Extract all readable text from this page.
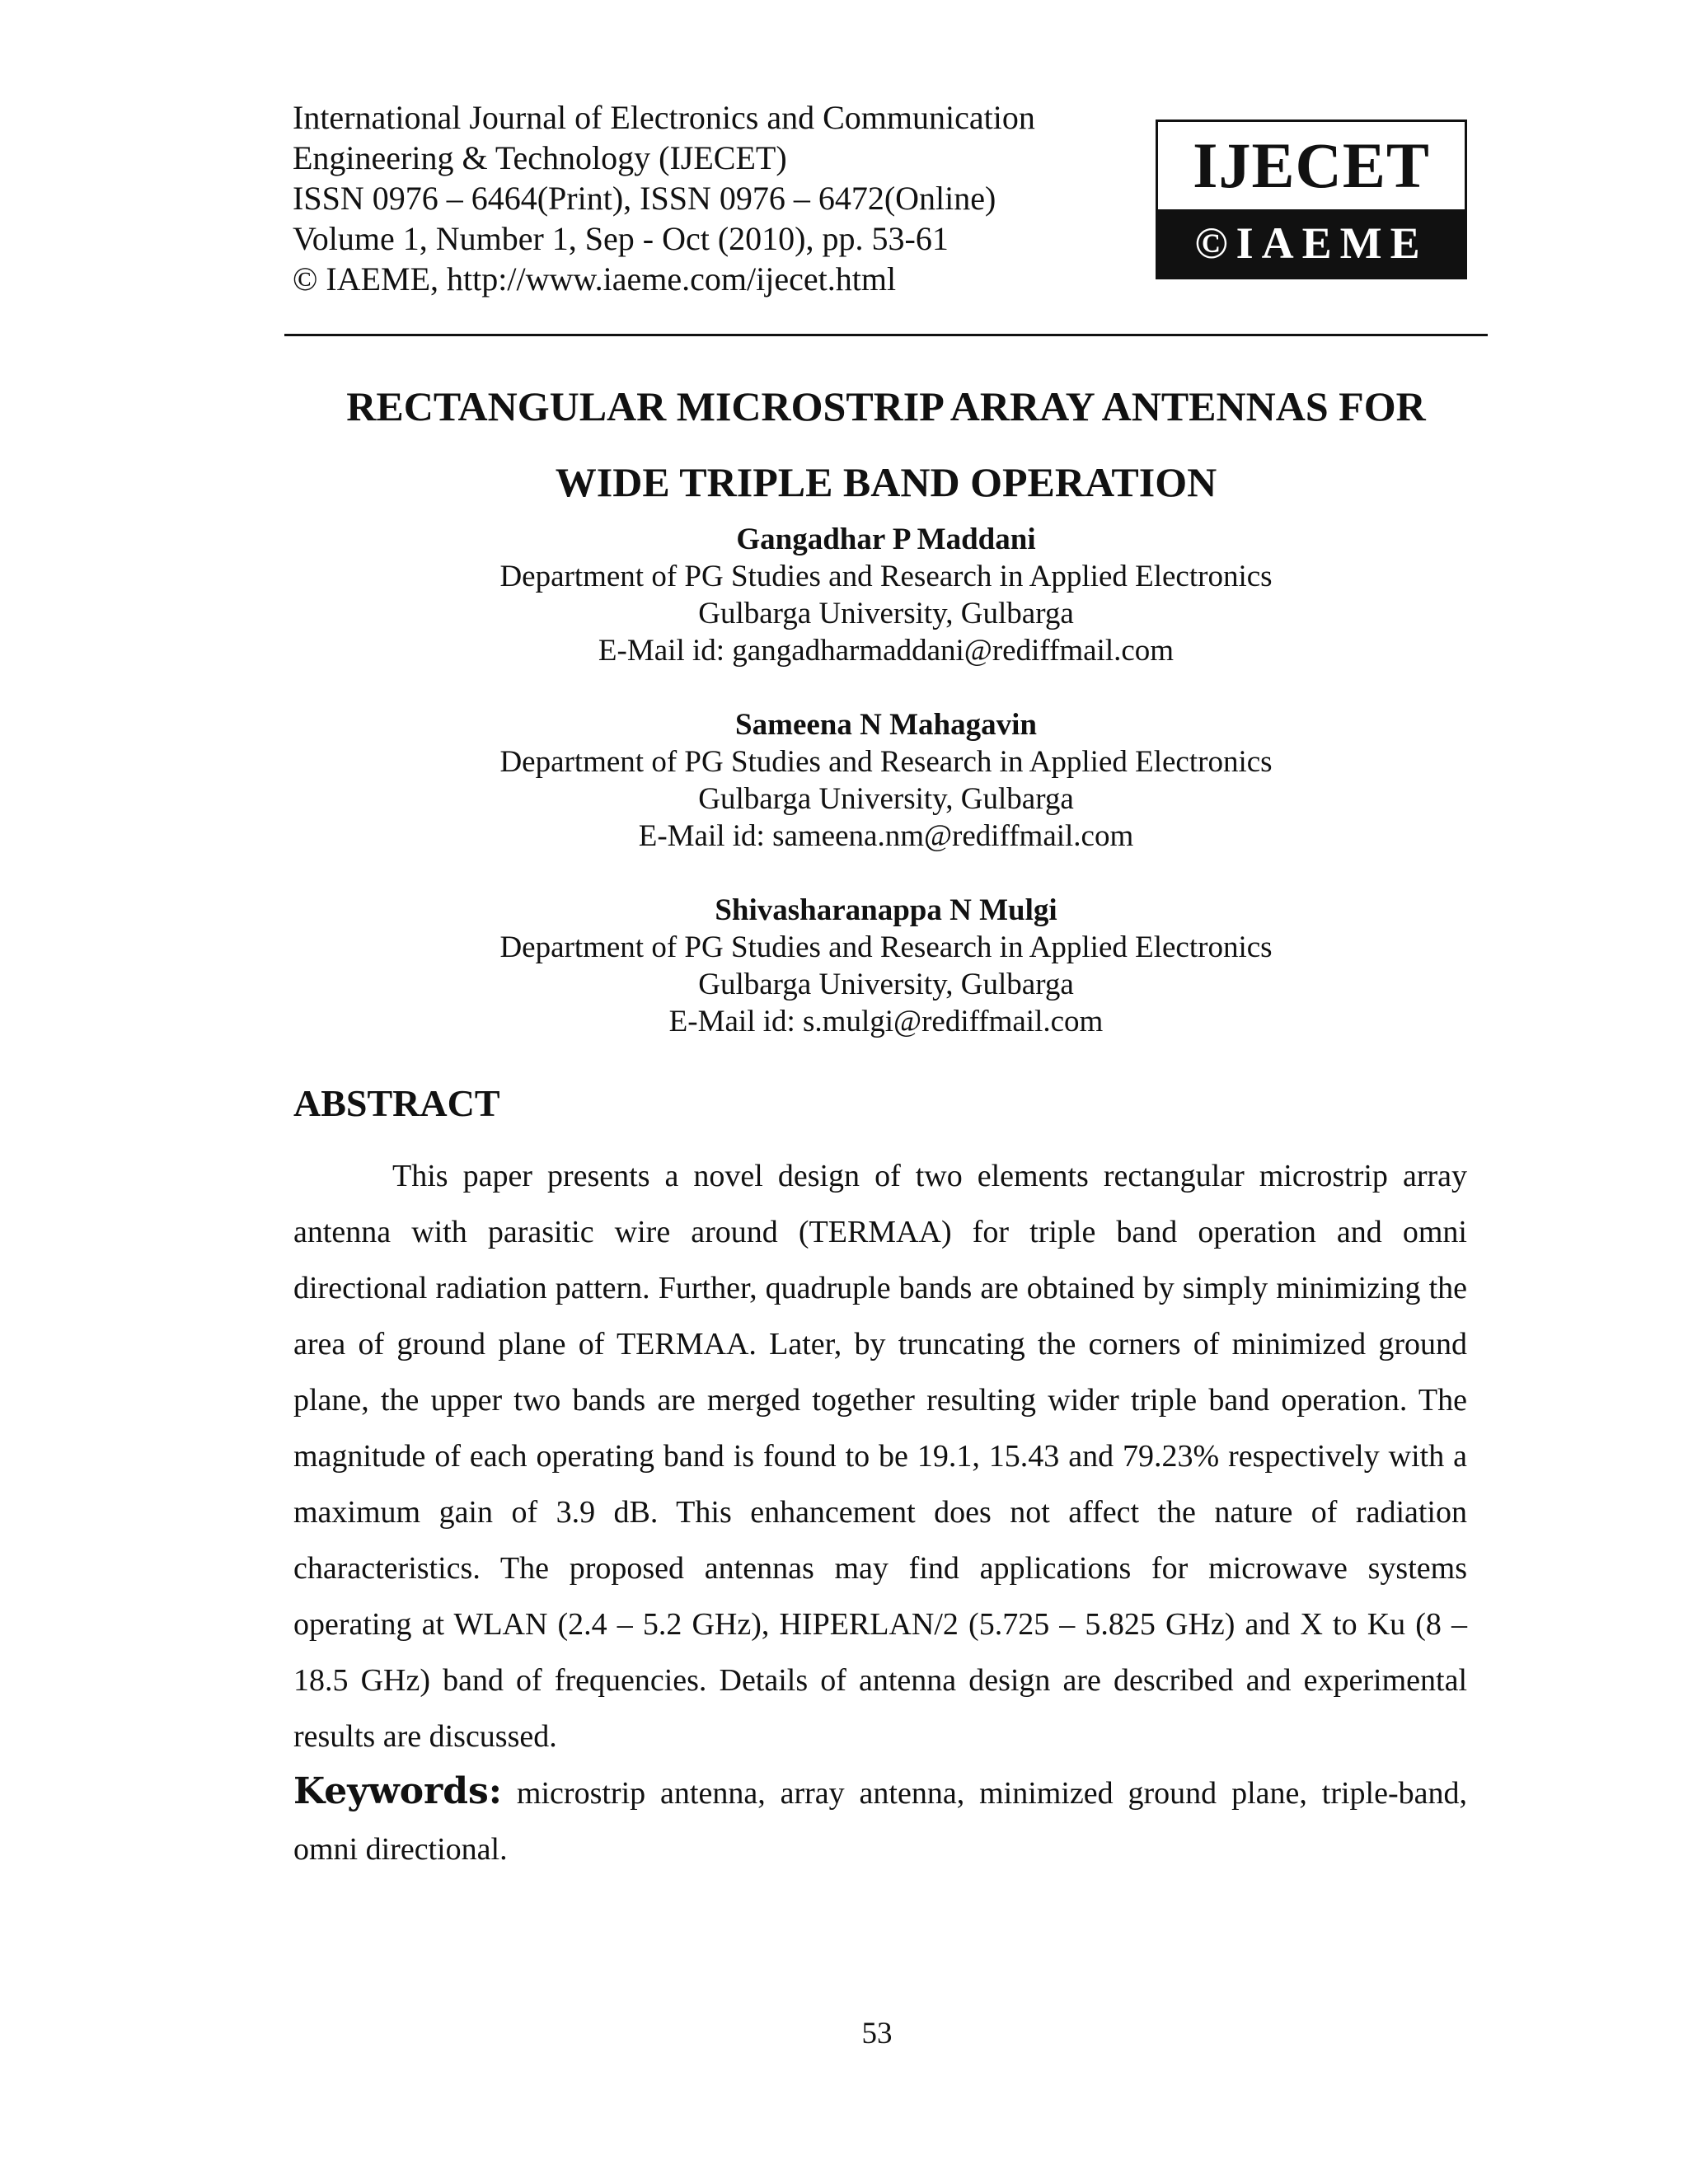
International Journal of Electronics and Communication
Engineering & Technology (IJECET)
ISSN 0976 – 6464(Print), ISSN 0976 – 6472(Online)
Volume 1, Number 1, Sep - Oct (2010), pp. 53-61
© IAEME, http://www.iaeme.com/ijecet.html
IJECET
©IAEME
RECTANGULAR MICROSTRIP ARRAY ANTENNAS FOR
WIDE TRIPLE BAND OPERATION
Gangadhar P Maddani
Department of PG Studies and Research in Applied Electronics
Gulbarga University, Gulbarga
E-Mail id: gangadharmaddani@rediffmail.com
Sameena N Mahagavin
Department of PG Studies and Research in Applied Electronics
Gulbarga University, Gulbarga
E-Mail id: sameena.nm@rediffmail.com
Shivasharanappa N Mulgi
Department of PG Studies and Research in Applied Electronics
Gulbarga University, Gulbarga
E-Mail id: s.mulgi@rediffmail.com
ABSTRACT

This paper presents a novel design of two elements rectangular microstrip array antenna with parasitic wire around (TERMAA) for triple band operation and omni directional radiation pattern. Further, quadruple bands are obtained by simply minimizing the area of ground plane of TERMAA. Later, by truncating the corners of minimized ground plane, the upper two bands are merged together resulting wider triple band operation. The magnitude of each operating band is found to be 19.1, 15.43 and 79.23% respectively with a maximum gain of 3.9 dB. This enhancement does not affect the nature of radiation characteristics. The proposed antennas may find applications for microwave systems operating at WLAN (2.4 – 5.2 GHz), HIPERLAN/2 (5.725 – 5.825 GHz) and X to Ku (8 – 18.5 GHz) band of frequencies. Details of antenna design are described and experimental results are discussed.

Keywords: microstrip antenna, array antenna, minimized ground plane, triple-band, omni directional.

53
